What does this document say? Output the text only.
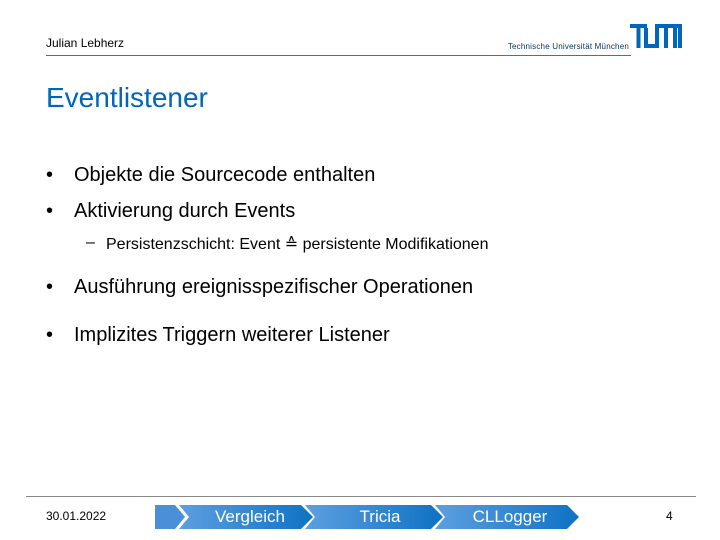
Julian Lebherz	Technische Universität München
Eventlistener
• Objekte die Sourcecode enthalten
• Aktivierung durch Events
– Persistenzschicht: Event ≙ persistente Modifikationen
• Ausführung ereignisspezifischer Operationen
• Implizites Triggern weiterer Listener
30.01.2022	Vergleich	Tricia	CLLogger	4
